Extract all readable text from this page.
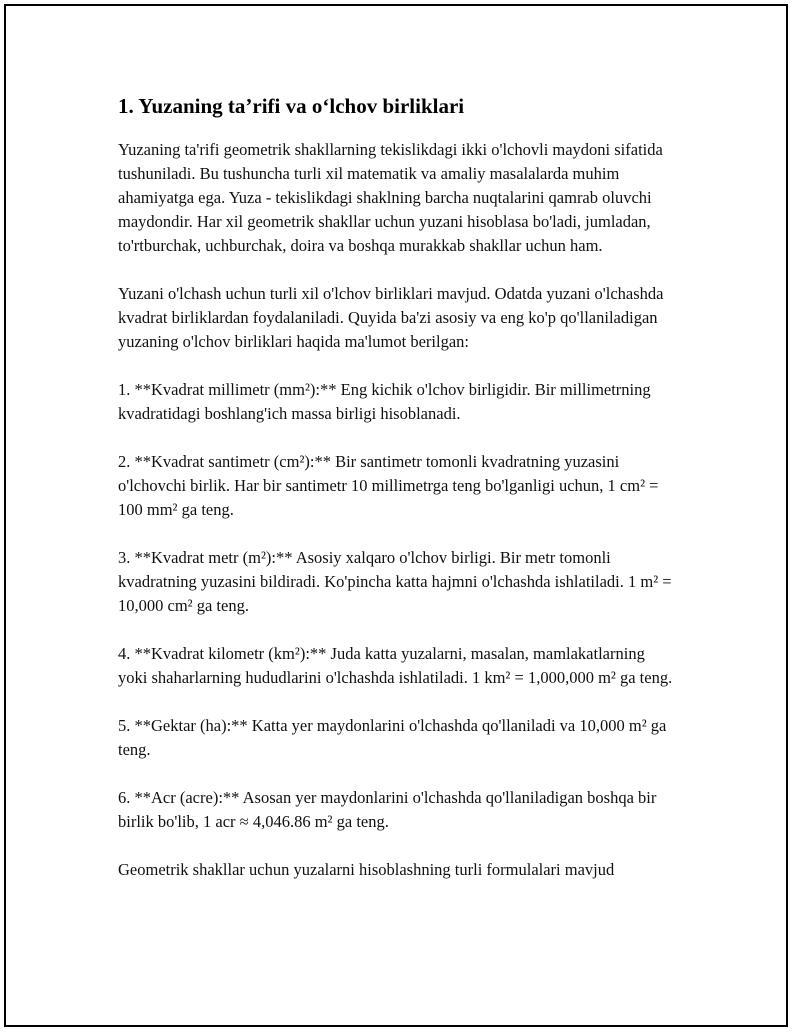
1. Yuzaning ta’rifi va o‘lchov birliklari

Yuzaning ta'rifi geometrik shakllarning tekislikdagi ikki o'lchovli maydoni sifatida tushuniladi. Bu tushuncha turli xil matematik va amaliy masalalarda muhim ahamiyatga ega. Yuza - tekislikdagi shaklning barcha nuqtalarini qamrab oluvchi maydondir. Har xil geometrik shakllar uchun yuzani hisoblasa bo'ladi, jumladan, to'rtburchak, uchburchak, doira va boshqa murakkab shakllar uchun ham.

Yuzani o'lchash uchun turli xil o'lchov birliklari mavjud. Odatda yuzani o'lchashda kvadrat birliklardan foydalaniladi. Quyida ba'zi asosiy va eng ko'p qo'llaniladigan yuzaning o'lchov birliklari haqida ma'lumot berilgan:

1. **Kvadrat millimetr (mm²):** Eng kichik o'lchov birligidir. Bir millimetrning kvadratidagi boshlang'ich massa birligi hisoblanadi.

2. **Kvadrat santimetr (cm²):** Bir santimetr tomonli kvadratning yuzasini o'lchovchi birlik. Har bir santimetr 10 millimetrga teng bo'lganligi uchun, 1 cm² = 100 mm² ga teng.

3. **Kvadrat metr (m²):** Asosiy xalqaro o'lchov birligi. Bir metr tomonli kvadratning yuzasini bildiradi. Ko'pincha katta hajmni o'lchashda ishlatiladi. 1 m² = 10,000 cm² ga teng.

4. **Kvadrat kilometr (km²):** Juda katta yuzalarni, masalan, mamlakatlarning yoki shaharlarning hududlarini o'lchashda ishlatiladi. 1 km² = 1,000,000 m² ga teng.

5. **Gektar (ha):** Katta yer maydonlarini o'lchashda qo'llaniladi va 10,000 m² ga teng.

6. **Acr (acre):** Asosan yer maydonlarini o'lchashda qo'llaniladigan boshqa bir birlik bo'lib, 1 acr ≈ 4,046.86 m² ga teng.

Geometrik shakllar uchun yuzalarni hisoblashning turli formulalari mavjud
